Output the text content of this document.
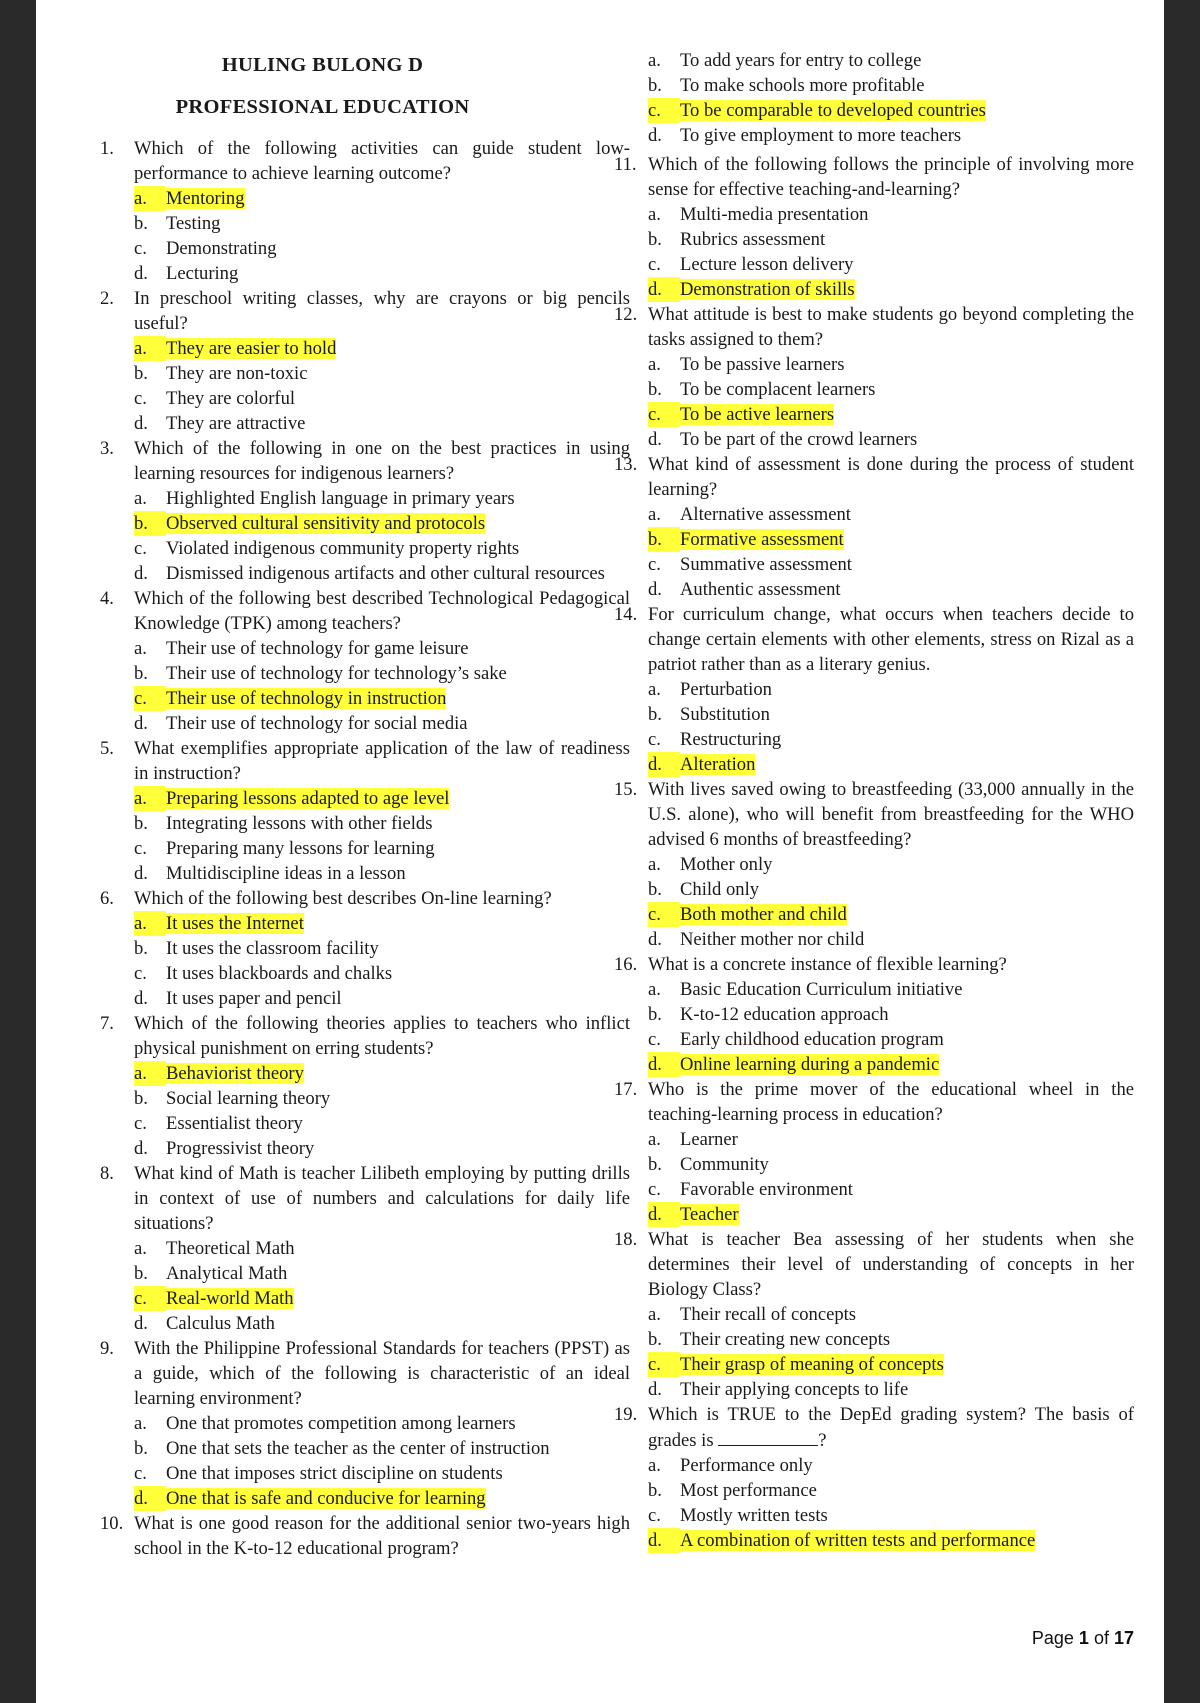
HULING BULONG D
PROFESSIONAL EDUCATION
1. Which of the following activities can guide student low-performance to achieve learning outcome?
a. Mentoring
b. Testing
c. Demonstrating
d. Lecturing
2. In preschool writing classes, why are crayons or big pencils useful?
a. They are easier to hold
b. They are non-toxic
c. They are colorful
d. They are attractive
3. Which of the following in one on the best practices in using learning resources for indigenous learners?
a. Highlighted English language in primary years
b. Observed cultural sensitivity and protocols
c. Violated indigenous community property rights
d. Dismissed indigenous artifacts and other cultural resources
4. Which of the following best described Technological Pedagogical Knowledge (TPK) among teachers?
a. Their use of technology for game leisure
b. Their use of technology for technology’s sake
c. Their use of technology in instruction
d. Their use of technology for social media
5. What exemplifies appropriate application of the law of readiness in instruction?
a. Preparing lessons adapted to age level
b. Integrating lessons with other fields
c. Preparing many lessons for learning
d. Multidiscipline ideas in a lesson
6. Which of the following best describes On-line learning?
a. It uses the Internet
b. It uses the classroom facility
c. It uses blackboards and chalks
d. It uses paper and pencil
7. Which of the following theories applies to teachers who inflict physical punishment on erring students?
a. Behaviorist theory
b. Social learning theory
c. Essentialist theory
d. Progressivist theory
8. What kind of Math is teacher Lilibeth employing by putting drills in context of use of numbers and calculations for daily life situations?
a. Theoretical Math
b. Analytical Math
c. Real-world Math
d. Calculus Math
9. With the Philippine Professional Standards for teachers (PPST) as a guide, which of the following is characteristic of an ideal learning environment?
a. One that promotes competition among learners
b. One that sets the teacher as the center of instruction
c. One that imposes strict discipline on students
d. One that is safe and conducive for learning
10. What is one good reason for the additional senior two-years high school in the K-to-12 educational program?
a. To add years for entry to college
b. To make schools more profitable
c. To be comparable to developed countries
d. To give employment to more teachers
11. Which of the following follows the principle of involving more sense for effective teaching-and-learning?
a. Multi-media presentation
b. Rubrics assessment
c. Lecture lesson delivery
d. Demonstration of skills
12. What attitude is best to make students go beyond completing the tasks assigned to them?
a. To be passive learners
b. To be complacent learners
c. To be active learners
d. To be part of the crowd learners
13. What kind of assessment is done during the process of student learning?
a. Alternative assessment
b. Formative assessment
c. Summative assessment
d. Authentic assessment
14. For curriculum change, what occurs when teachers decide to change certain elements with other elements, stress on Rizal as a patriot rather than as a literary genius.
a. Perturbation
b. Substitution
c. Restructuring
d. Alteration
15. With lives saved owing to breastfeeding (33,000 annually in the U.S. alone), who will benefit from breastfeeding for the WHO advised 6 months of breastfeeding?
a. Mother only
b. Child only
c. Both mother and child
d. Neither mother nor child
16. What is a concrete instance of flexible learning?
a. Basic Education Curriculum initiative
b. K-to-12 education approach
c. Early childhood education program
d. Online learning during a pandemic
17. Who is the prime mover of the educational wheel in the teaching-learning process in education?
a. Learner
b. Community
c. Favorable environment
d. Teacher
18. What is teacher Bea assessing of her students when she determines their level of understanding of concepts in her Biology Class?
a. Their recall of concepts
b. Their creating new concepts
c. Their grasp of meaning of concepts
d. Their applying concepts to life
19. Which is TRUE to the DepEd grading system? The basis of grades is	?
a. Performance only
b. Most performance
c. Mostly written tests
d. A combination of written tests and performance
Page 1 of 17
